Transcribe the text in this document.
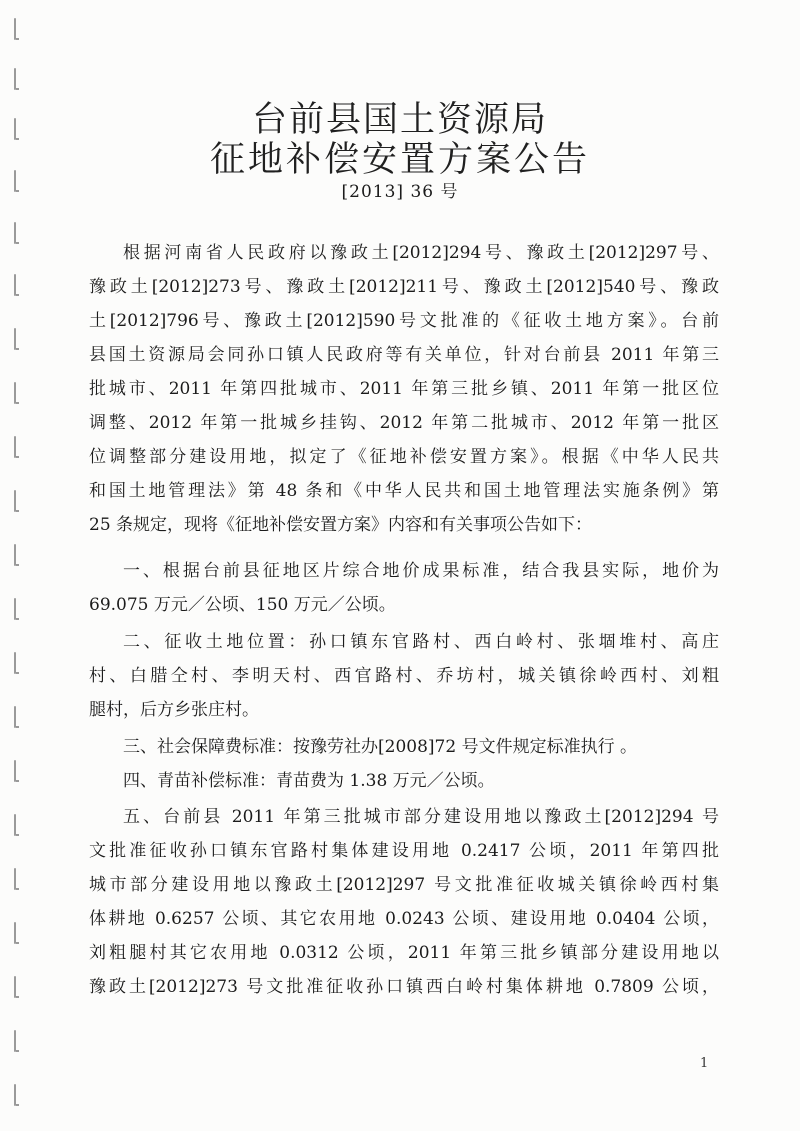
台前县国土资源局
征地补偿安置方案公告
[2013] 36 号
根据河南省人民政府以豫政土[2012]294号、豫政土[2012]297号、
豫政土[2012]273号、豫政土[2012]211号、豫政土[2012]540号、豫政
土[2012]796号、豫政土[2012]590号文批准的《征收土地方案》。台前
县国土资源局会同孙口镇人民政府等有关单位，针对台前县 2011 年第三
批城市、2011 年第四批城市、2011 年第三批乡镇、2011 年第一批区位
调整、2012 年第一批城乡挂钩、2012 年第二批城市、2012 年第一批区
位调整部分建设用地，拟定了《征地补偿安置方案》。根据《中华人民共
和国土地管理法》第 48 条和《中华人民共和国土地管理法实施条例》第
25 条规定，现将《征地补偿安置方案》内容和有关事项公告如下：
一、根据台前县征地区片综合地价成果标准，结合我县实际，地价为
69.075 万元／公顷、150 万元／公顷。
二、征收土地位置：孙口镇东官路村、西白岭村、张堌堆村、高庄
村、白腊仝村、李明天村、西官路村、乔坊村，城关镇徐岭西村、刘粗
腿村，后方乡张庄村。
三、社会保障费标准：按豫劳社办[2008]72 号文件规定标准执行 。
四、青苗补偿标准：青苗费为 1.38 万元／公顷。
五、台前县 2011 年第三批城市部分建设用地以豫政土[2012]294 号
文批准征收孙口镇东官路村集体建设用地 0.2417 公顷，2011 年第四批
城市部分建设用地以豫政土[2012]297 号文批准征收城关镇徐岭西村集
体耕地 0.6257 公顷、其它农用地 0.0243 公顷、建设用地 0.0404 公顷，
刘粗腿村其它农用地 0.0312 公顷，2011 年第三批乡镇部分建设用地以
豫政土[2012]273 号文批准征收孙口镇西白岭村集体耕地 0.7809 公顷，
1
